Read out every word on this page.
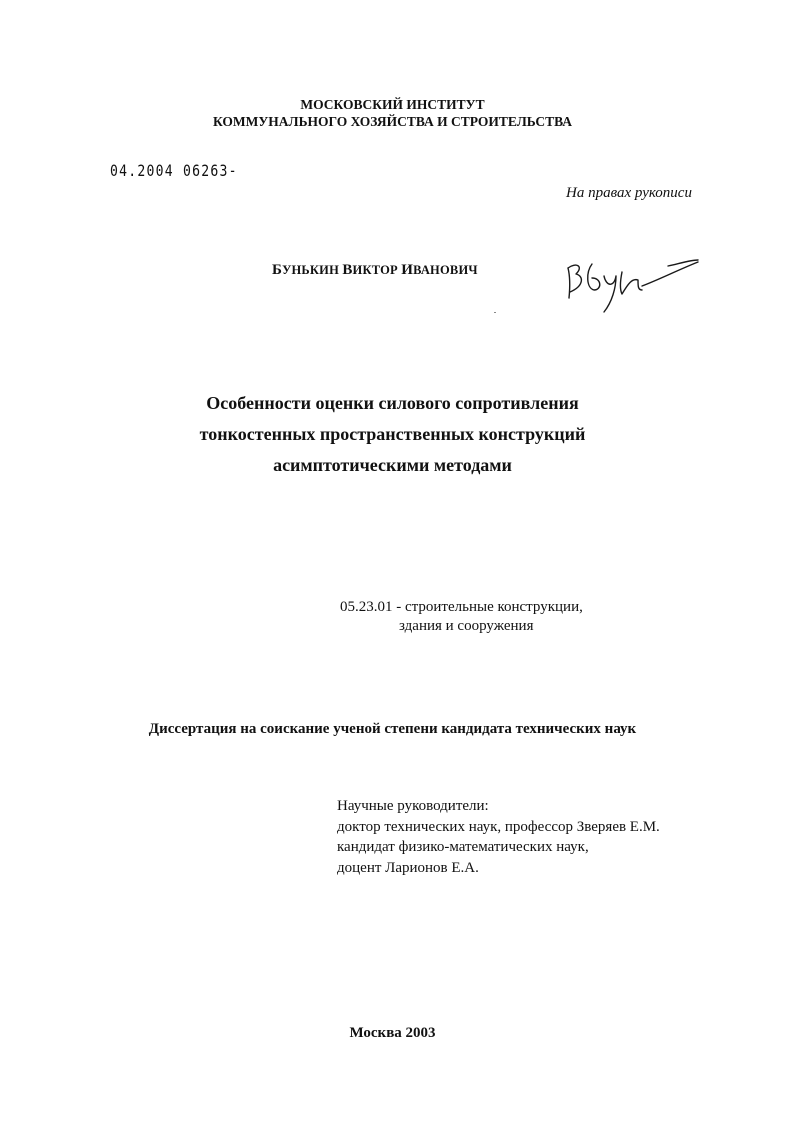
МОСКОВСКИЙ ИНСТИТУТ
КОММУНАЛЬНОГО ХОЗЯЙСТВА И СТРОИТЕЛЬСТВА
04.2004 06263-
На правах рукописи
БУНЬКИН ВИКТОР ИВАНОВИЧ
Особенности оценки силового сопротивления
тонкостенных пространственных конструкций
асимптотическими методами
05.23.01 - строительные конструкции,
здания и сооружения
Диссертация на соискание ученой степени кандидата технических наук
Научные руководители:
доктор технических наук, профессор Зверяев Е.М.
кандидат физико-математических наук,
доцент Ларионов Е.А.
Москва 2003
